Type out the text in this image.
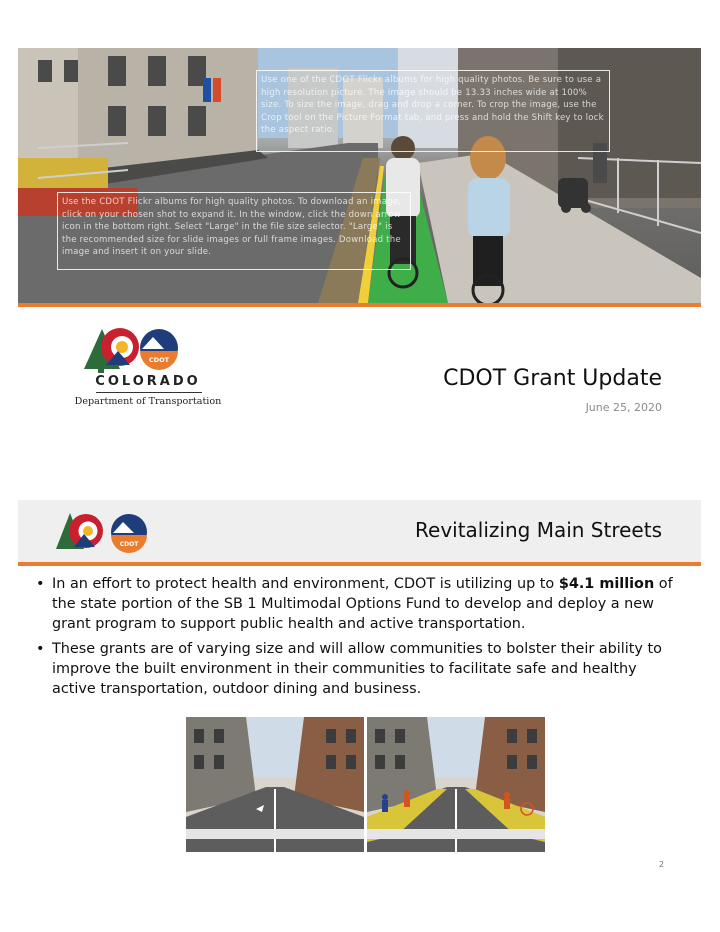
Use one of the CDOT Flickr albums for high quality photos. Be sure to use a high resolution picture. The image should be 13.33 inches wide at 100% size. To size the image, drag and drop a corner. To crop the image, use the Crop tool on the Picture Format tab, and press and hold the Shift key to lock the aspect ratio.
Use the CDOT Flickr albums for high quality photos. To download an image, click on your chosen shot to expand it. In the window, click the down arrow icon in the bottom right. Select "Large" in the file size selector. "Large" is the recommended size for slide images or full frame images. Download the image and insert it on your slide.
CDOT
COLORADO
Department of Transportation
CDOT Grant Update
June 25, 2020
CDOT
Revitalizing Main Streets
• In an effort to protect health and environment, CDOT is utilizing up to $4.1 million of the state portion of the SB 1 Multimodal Options Fund to develop and deploy a new grant program to support public health and active transportation.
• These grants are of varying size and will allow communities to bolster their ability to improve the built environment in their communities to facilitate safe and healthy active transportation, outdoor dining and business.
2
